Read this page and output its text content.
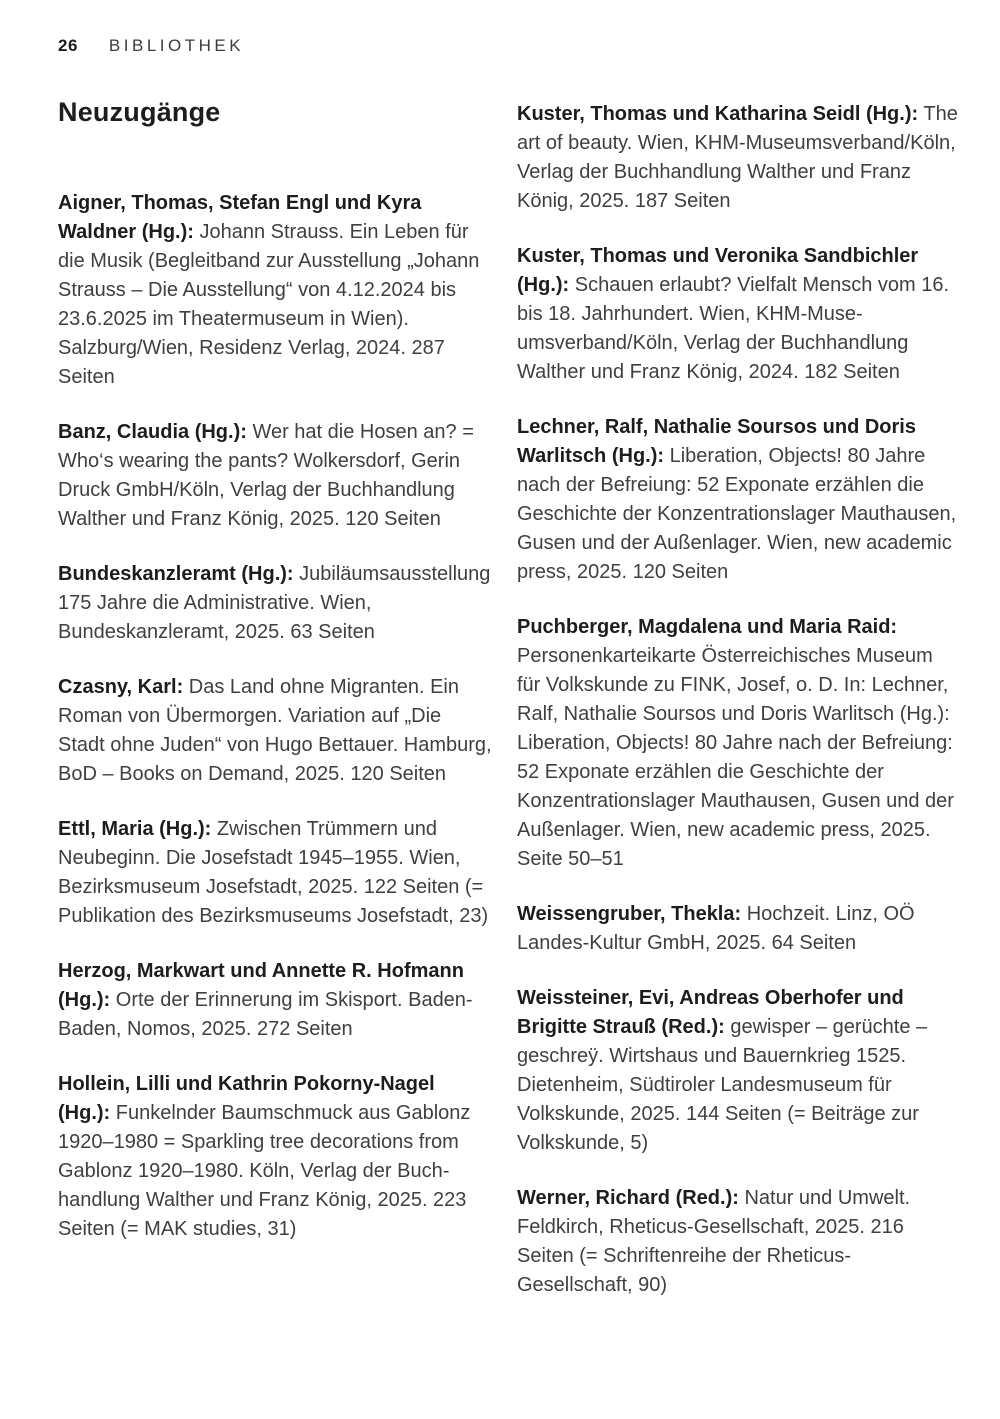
26 BIBLIOTHEK
Neuzugänge

Aigner, Thomas, Stefan Engl und Kyra Waldner (Hg.): Johann Strauss. Ein Leben für die Musik (Begleitband zur Ausstellung „Johann Strauss – Die Ausstellung“ von 4.12.2024 bis 23.6.2025 im Theatermuseum in Wien). Salzburg/Wien, Residenz Verlag, 2024. 287 Seiten

Banz, Claudia (Hg.): Wer hat die Hosen an? = Who‘s wearing the pants? Wolkersdorf, Gerin Druck GmbH/Köln, Verlag der Buchhandlung Walther und Franz König, 2025. 120 Seiten

Bundeskanzleramt (Hg.): Jubiläumsausstellung 175 Jahre die Administrative. Wien, Bundeskanzleramt, 2025. 63 Seiten

Czasny, Karl: Das Land ohne Migranten. Ein Roman von Übermorgen. Variation auf „Die Stadt ohne Juden“ von Hugo Bettauer. Hamburg, BoD – Books on Demand, 2025. 120 Seiten

Ettl, Maria (Hg.): Zwischen Trümmern und Neubeginn. Die Josefstadt 1945–1955. Wien, Bezirksmuseum Josefstadt, 2025. 122 Seiten (= Publikation des Bezirksmuseums Josefstadt, 23)

Herzog, Markwart und Annette R. Hofmann (Hg.): Orte der Erinnerung im Skisport. Baden-Baden, Nomos, 2025. 272 Seiten

Hollein, Lilli und Kathrin Pokorny-Nagel (Hg.): Funkelnder Baumschmuck aus Gablonz 1920–1980 = Sparkling tree decorations from Gablonz 1920–1980. Köln, Verlag der Buchhandlung Walther und Franz König, 2025. 223 Seiten (= MAK studies, 31)

Kuster, Thomas und Katharina Seidl (Hg.): The art of beauty. Wien, KHM-Museumsverband/Köln, Verlag der Buchhandlung Walther und Franz König, 2025. 187 Seiten

Kuster, Thomas und Veronika Sandbichler (Hg.): Schauen erlaubt? Vielfalt Mensch vom 16. bis 18. Jahrhundert. Wien, KHM-Museumsverband/Köln, Verlag der Buchhandlung Walther und Franz König, 2024. 182 Seiten

Lechner, Ralf, Nathalie Soursos und Doris Warlitsch (Hg.): Liberation, Objects! 80 Jahre nach der Befreiung: 52 Exponate erzählen die Geschichte der Konzentrationslager Mauthausen, Gusen und der Außenlager. Wien, new academic press, 2025. 120 Seiten

Puchberger, Magdalena und Maria Raid: Personenkarteikarte Österreichisches Museum für Volkskunde zu FINK, Josef, o. D. In: Lechner, Ralf, Nathalie Soursos und Doris Warlitsch (Hg.): Liberation, Objects! 80 Jahre nach der Befreiung: 52 Exponate erzählen die Geschichte der Konzentrationslager Mauthausen, Gusen und der Außenlager. Wien, new academic press, 2025. Seite 50–51

Weissengruber, Thekla: Hochzeit. Linz, OÖ Landes-Kultur GmbH, 2025. 64 Seiten

Weissteiner, Evi, Andreas Oberhofer und Brigitte Strauß (Red.): gewisper – gerüchte – geschreÿ. Wirtshaus und Bauernkrieg 1525. Dietenheim, Südtiroler Landesmuseum für Volkskunde, 2025. 144 Seiten (= Beiträge zur Volkskunde, 5)

Werner, Richard (Red.): Natur und Umwelt. Feldkirch, Rheticus-Gesellschaft, 2025. 216 Seiten (= Schriftenreihe der Rheticus-Gesellschaft, 90)
